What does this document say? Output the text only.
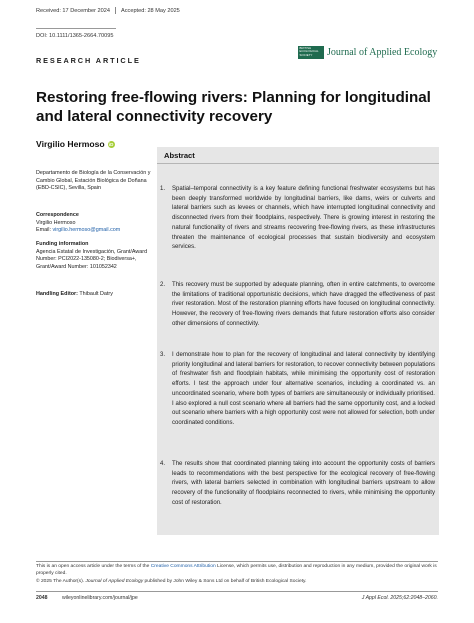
Received: 17 December 2024 Accepted: 28 May 2025
DOI: 10.1111/1365-2664.70095
BRITISH ECOLOGICAL SOCIETY	Journal of Applied Ecology
RESEARCH ARTICLE
Restoring free-flowing rivers: Planning for longitudinal and lateral connectivity recovery
Virgilio Hermoso iD
Departamento de Biología de la Conservación y Cambio Global, Estación Biológica de Doñana (EBD-CSIC), Sevilla, Spain
Correspondence
Virgilio Hermoso
Email: virgilio.hermoso@gmail.com
Funding information
Agencia Estatal de Investigación, Grant/Award Number: PCI2022-135080-2; Biodiversa+, Grant/Award Number: 101052342
Handling Editor: Thibault Datry
Abstract
1. Spatial–temporal connectivity is a key feature defining functional freshwater ecosystems but has been deeply transformed worldwide by longitudinal barriers, like dams, weirs or culverts and lateral barriers such as levees or channels, which have interrupted longitudinal connectivity and disconnected rivers from their floodplains, respectively. There is growing interest in restoring the natural functionality of rivers and streams recovering free-flowing rivers, as these infrastructures threaten the maintenance of ecological processes that sustain biodiversity and ecosystem services.
2. This recovery must be supported by adequate planning, often in entire catchments, to overcome the limitations of traditional opportunistic decisions, which have dragged the effectiveness of past river restoration. Most of the restoration planning efforts have focused on longitudinal connectivity. However, the recovery of free-flowing rivers demands that future restoration efforts also consider other dimensions of connectivity.
3. I demonstrate how to plan for the recovery of longitudinal and lateral connectivity by identifying priority longitudinal and lateral barriers for restoration, to recover connectivity between populations of freshwater fish and floodplain habitats, while minimising the opportunity cost of restoration efforts. I test the approach under four alternative scenarios, including a coordinated vs. an uncoordinated scenario, where both types of barriers are simultaneously or individually prioritised. I also explored a null cost scenario where all barriers had the same opportunity cost, and a locked out scenario where barriers with a high opportunity cost were not allowed for selection, both under coordinated conditions.
4. The results show that coordinated planning taking into account the opportunity costs of barriers leads to recommendations with the best perspective for the ecological recovery of free-flowing rivers, with lateral barriers selected in combination with longitudinal barriers upstream to allow recovery of the functionality of floodplains reconnected to rivers, while minimising the opportunity cost of restoration.
This is an open access article under the terms of the Creative Commons Attribution License, which permits use, distribution and reproduction in any medium, provided the original work is properly cited.
© 2025 The Author(s). Journal of Applied Ecology published by John Wiley & Sons Ltd on behalf of British Ecological Society.
2048	wileyonlinelibrary.com/journal/jpe	J Appl Ecol. 2025;62:2048–2060.
